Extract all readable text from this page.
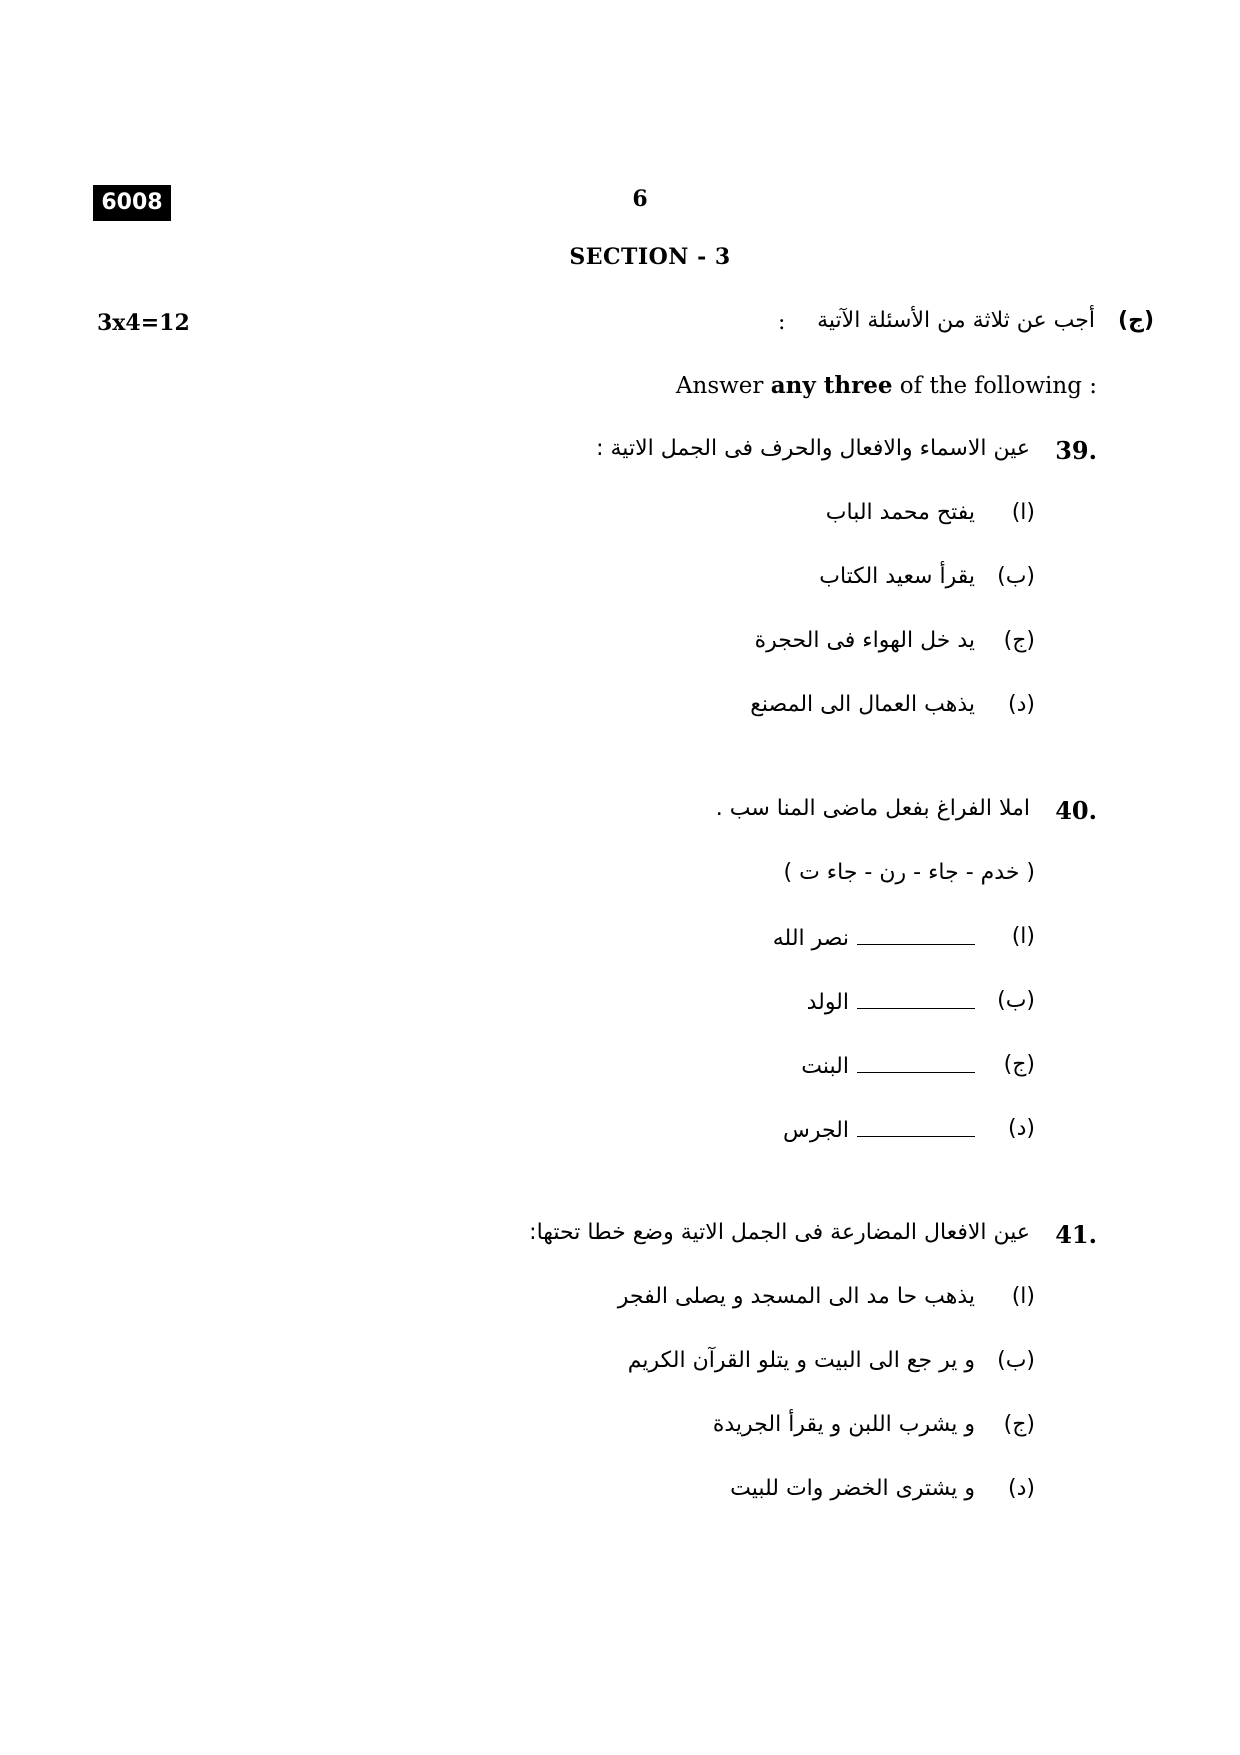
6008	6
SECTION - 3
3x4=12	(ج)
أجب عن ثلاثة من الأسئلة الآتية
:
Answer any three of the following :
39.
عين الاسماء والافعال والحرف فى الجمل الاتية :
(ا)
يفتح محمد الباب
(ب)
يقرأ سعيد الكتاب
(ج)
يد خل الهواء فى الحجرة
(د)
يذهب العمال الى المصنع
40.
املا الفراغ بفعل ماضى المنا سب .
( خدم - جاء - رن - جاء ت )
(ا)
نصر الله
(ب)
الولد
(ج)
البنت
(د)
الجرس
41.
عين الافعال المضارعة فى الجمل الاتية وضع خطا تحتها:
(ا)
يذهب حا مد الى المسجد و يصلى الفجر
(ب)
و ير جع الى البيت و يتلو القرآن الكريم
(ج)
و يشرب اللبن و يقرأ الجريدة
(د)
و يشترى الخضر وات للبيت
